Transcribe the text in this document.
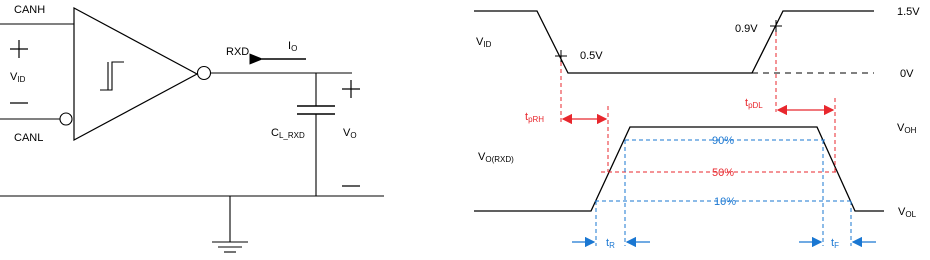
CANH
CANL
VID
RXD	IO
CL_RXD	VO
VID
0.5V
0.9V
1.5V
0V
tpRH
tpDL
VOH
VOL
VO(RXD)
90%
50%
10%
tR	tF
